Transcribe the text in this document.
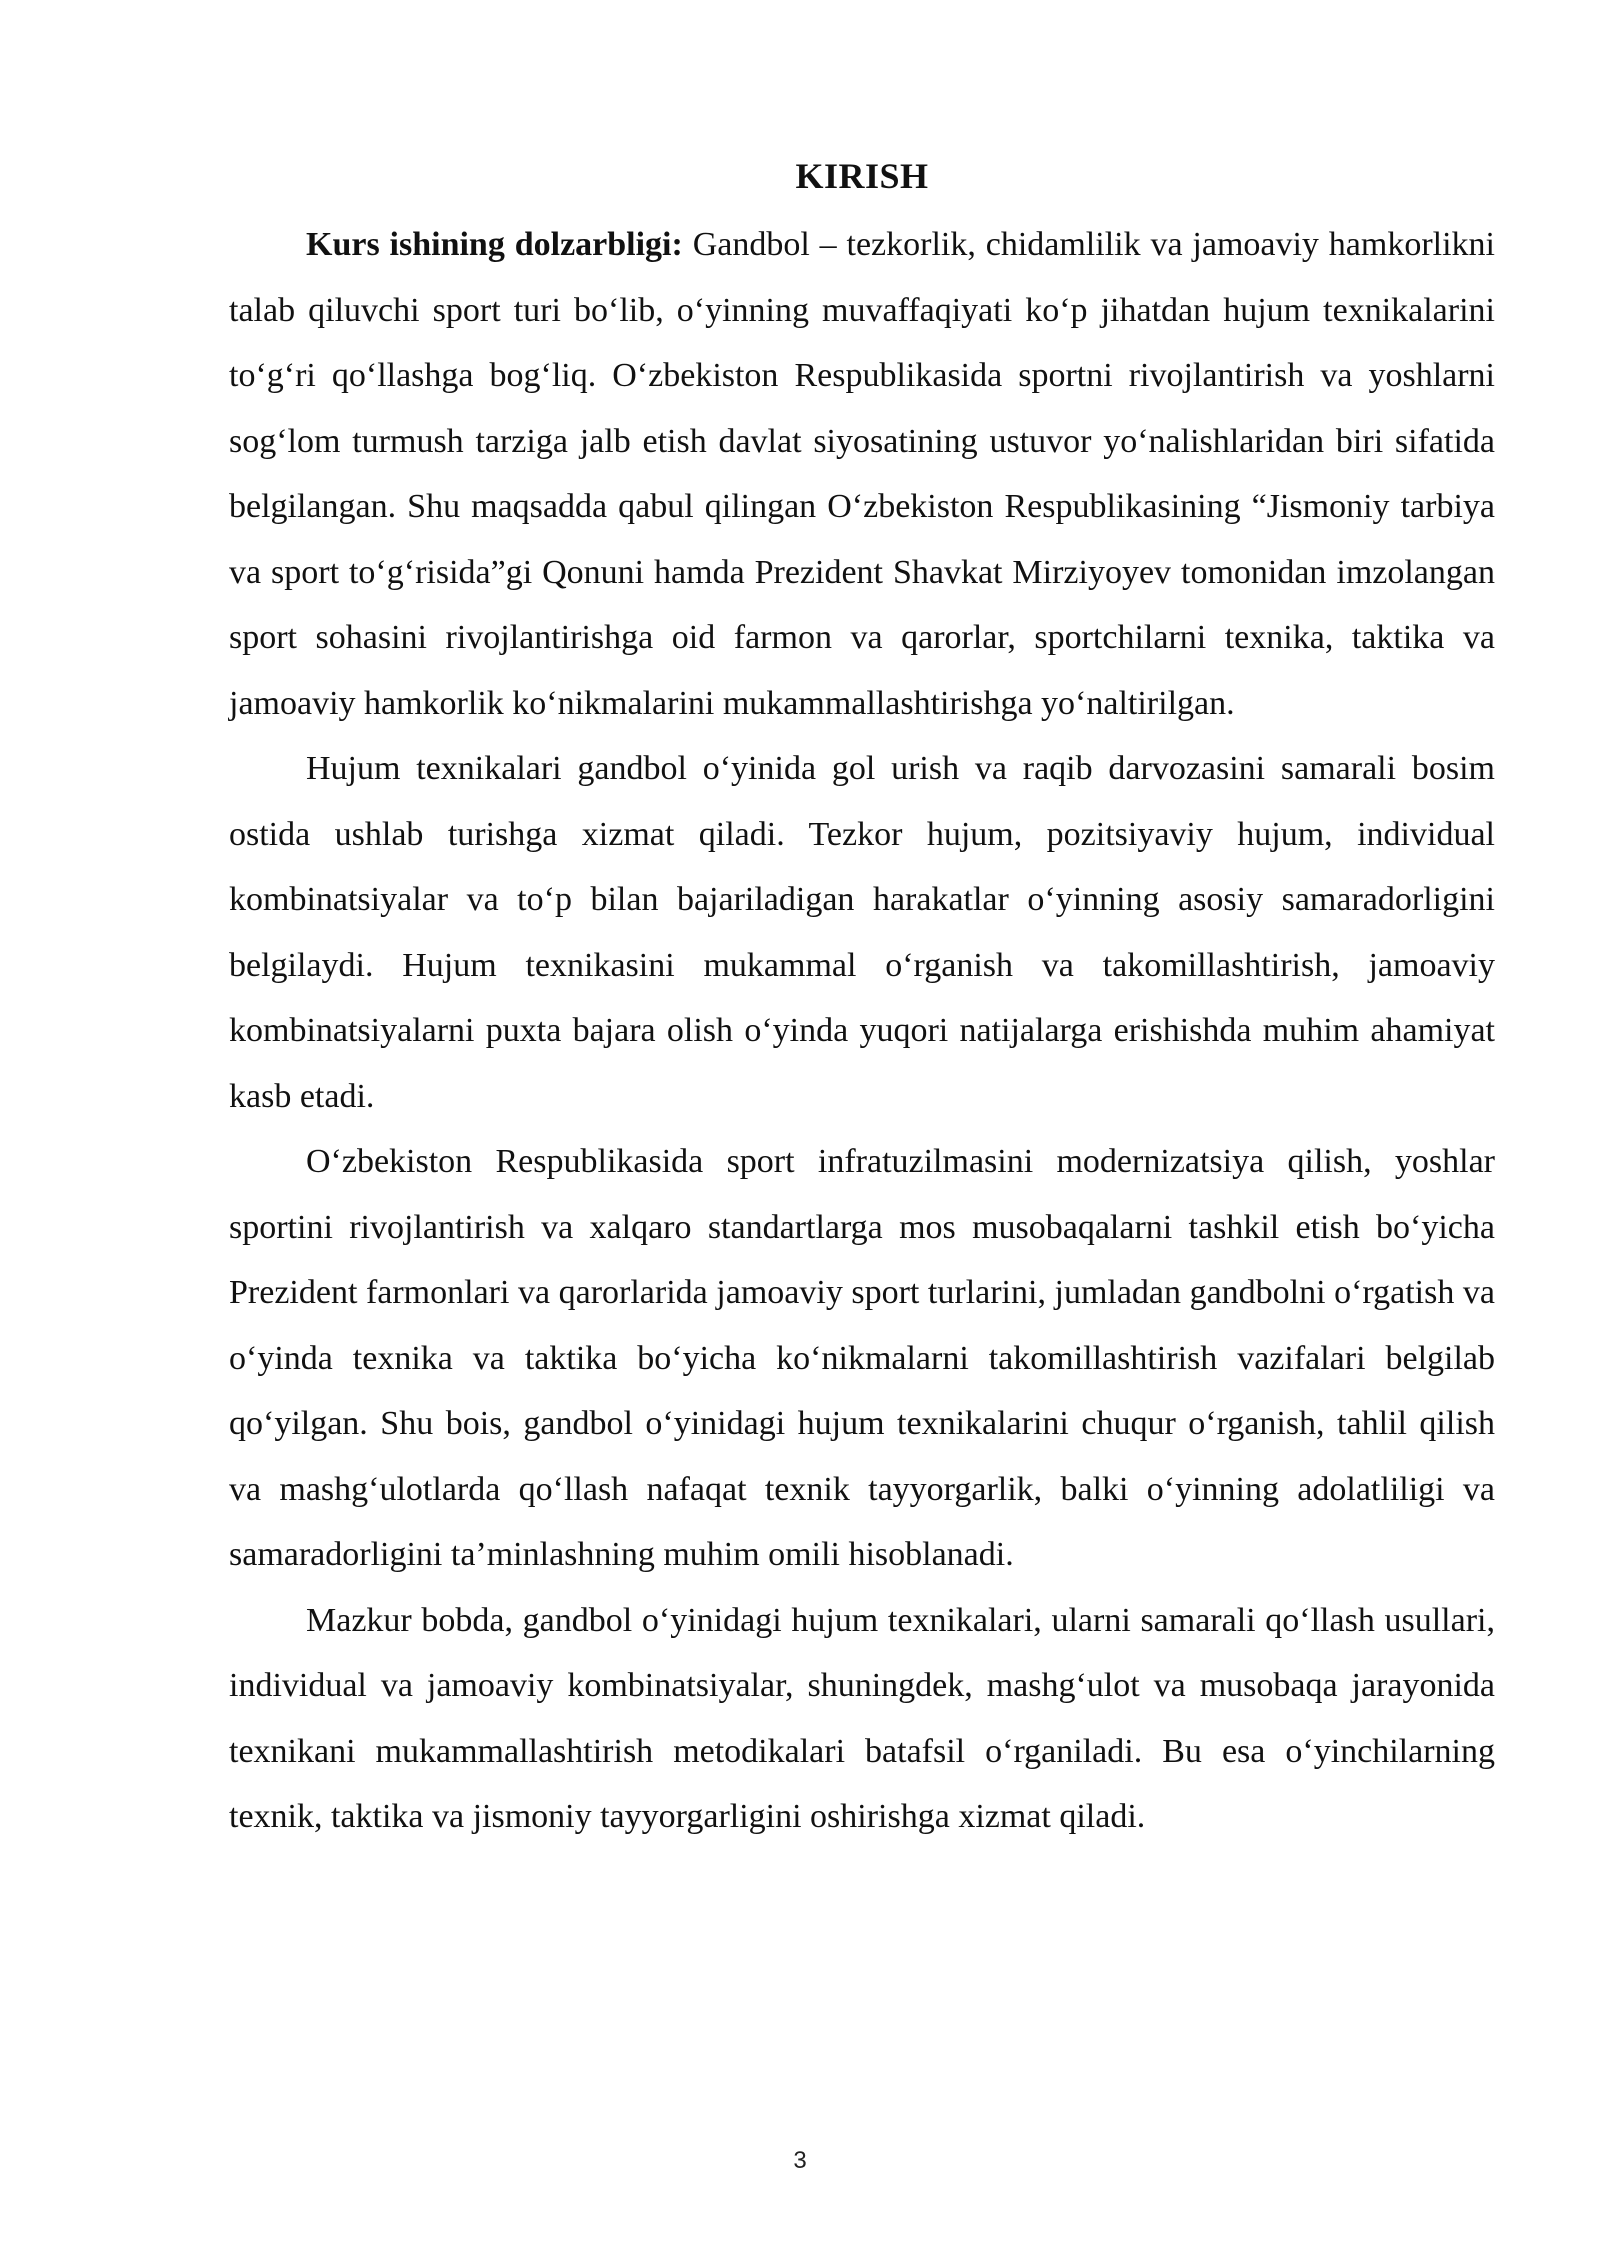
KIRISH

Kurs ishining dolzarbligi: Gandbol – tezkorlik, chidamlilik va jamoaviy hamkorlikni talab qiluvchi sport turi bo‘lib, o‘yinning muvaffaqiyati ko‘p jihatdan hujum texnikalarini to‘g‘ri qo‘llashga bog‘liq. O‘zbekiston Respublikasida sportni rivojlantirish va yoshlarni sog‘lom turmush tarziga jalb etish davlat siyosatining ustuvor yo‘nalishlaridan biri sifatida belgilangan. Shu maqsadda qabul qilingan O‘zbekiston Respublikasining “Jismoniy tarbiya va sport to‘g‘risida”gi Qonuni hamda Prezident Shavkat Mirziyoyev tomonidan imzolangan sport sohasini rivojlantirishga oid farmon va qarorlar, sportchilarni texnika, taktika va jamoaviy hamkorlik ko‘nikmalarini mukammallashtirishga yo‘naltirilgan.

Hujum texnikalari gandbol o‘yinida gol urish va raqib darvozasini samarali bosim ostida ushlab turishga xizmat qiladi. Tezkor hujum, pozitsiyaviy hujum, individual kombinatsiyalar va to‘p bilan bajariladigan harakatlar o‘yinning asosiy samaradorligini belgilaydi. Hujum texnikasini mukammal o‘rganish va takomillashtirish, jamoaviy kombinatsiyalarni puxta bajara olish o‘yinda yuqori natijalarga erishishda muhim ahamiyat kasb etadi.

O‘zbekiston Respublikasida sport infratuzilmasini modernizatsiya qilish, yoshlar sportini rivojlantirish va xalqaro standartlarga mos musobaqalarni tashkil etish bo‘yicha Prezident farmonlari va qarorlarida jamoaviy sport turlarini, jumladan gandbolni o‘rgatish va o‘yinda texnika va taktika bo‘yicha ko‘nikmalarni takomillashtirish vazifalari belgilab qo‘yilgan. Shu bois, gandbol o‘yinidagi hujum texnikalarini chuqur o‘rganish, tahlil qilish va mashg‘ulotlarda qo‘llash nafaqat texnik tayyorgarlik, balki o‘yinning adolatliligi va samaradorligini ta’minlashning muhim omili hisoblanadi.

Mazkur bobda, gandbol o‘yinidagi hujum texnikalari, ularni samarali qo‘llash usullari, individual va jamoaviy kombinatsiyalar, shuningdek, mashg‘ulot va musobaqa jarayonida texnikani mukammallashtirish metodikalari batafsil o‘rganiladi. Bu esa o‘yinchilarning texnik, taktika va jismoniy tayyorgarligini oshirishga xizmat qiladi.

3
